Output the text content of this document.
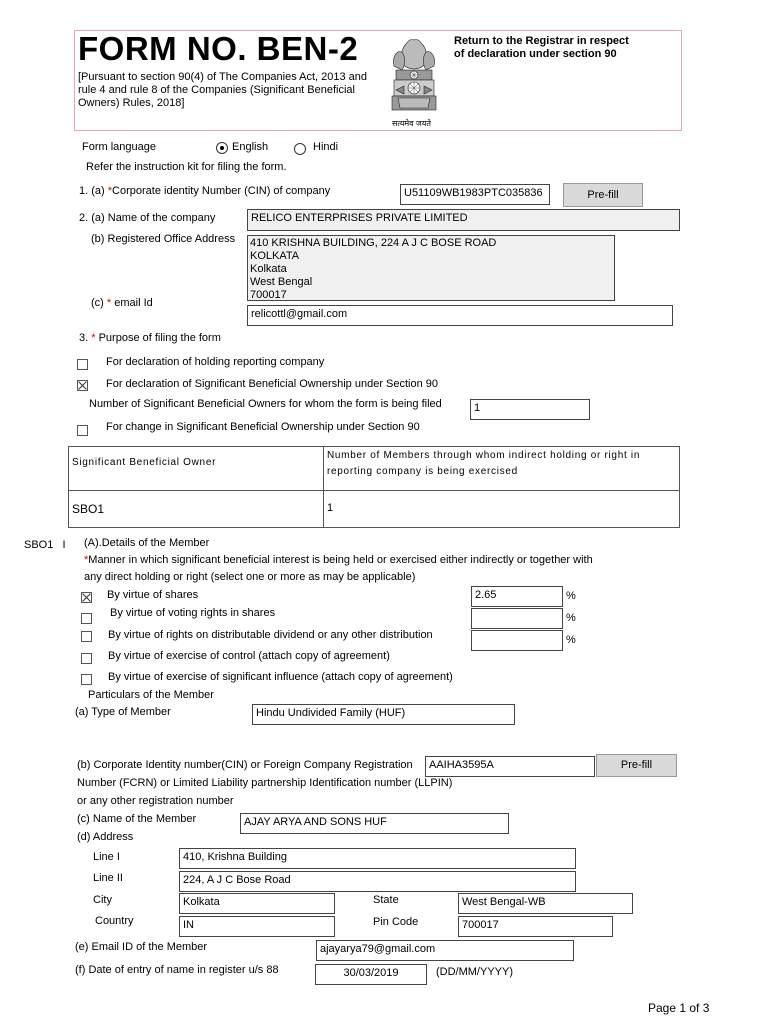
FORM NO. BEN-2
[Pursuant to section 90(4) of The Companies Act, 2013 and rule 4 and rule 8 of the Companies (Significant Beneficial Owners) Rules, 2018]
सत्यमेव जयते
Return to the Registrar in respect of declaration under section 90
Form language	English	Hindi
Refer the instruction kit for filing the form.
1. (a) *Corporate identity Number (CIN) of company	U51109WB1983PTC035836	Pre-fill
2. (a) Name of the company	RELICO ENTERPRISES PRIVATE LIMITED
(b) Registered Office Address 410 KRISHNA BUILDING, 224 A J C BOSE ROAD
KOLKATA
Kolkata
West Bengal
700017
(c) * email Id
relicottl@gmail.com
3. * Purpose of filing the form
For declaration of holding reporting company
For declaration of Significant Beneficial Ownership under Section 90
Number of Significant Beneficial Owners for whom the form is being filed	1
For change in Significant Beneficial Ownership under Section 90
Significant Beneficial Owner
Number of Members through whom indirect holding or right in reporting company is being exercised
SBO1	1
SBO1 I (A).Details of the Member
*Manner in which significant beneficial interest is being held or exercised either indirectly or together with
any direct holding or right (select one or more as may be applicable)
By virtue of shares	2.65	%
By virtue of voting rights in shares	%
By virtue of rights on distributable dividend or any other distribution	%
By virtue of exercise of control (attach copy of agreement)
By virtue of exercise of significant influence (attach copy of agreement)
Particulars of the Member
(a) Type of Member	Hindu Undivided Family (HUF)
(b) Corporate Identity number(CIN) or Foreign Company Registration
Number (FCRN) or Limited Liability partnership Identification number (LLPIN)
or any other registration number
AAIHA3595A	Pre-fill
(c) Name of the Member	AJAY ARYA AND SONS HUF
(d) Address
Line I	410, Krishna Building
Line II	224, A J C Bose Road
City	Kolkata	State	West Bengal-WB
Country	IN	Pin Code	700017
(e) Email ID of the Member	ajayarya79@gmail.com
(f) Date of entry of name in register u/s 88	30/03/2019	(DD/MM/YYYY)
Page 1 of 3
